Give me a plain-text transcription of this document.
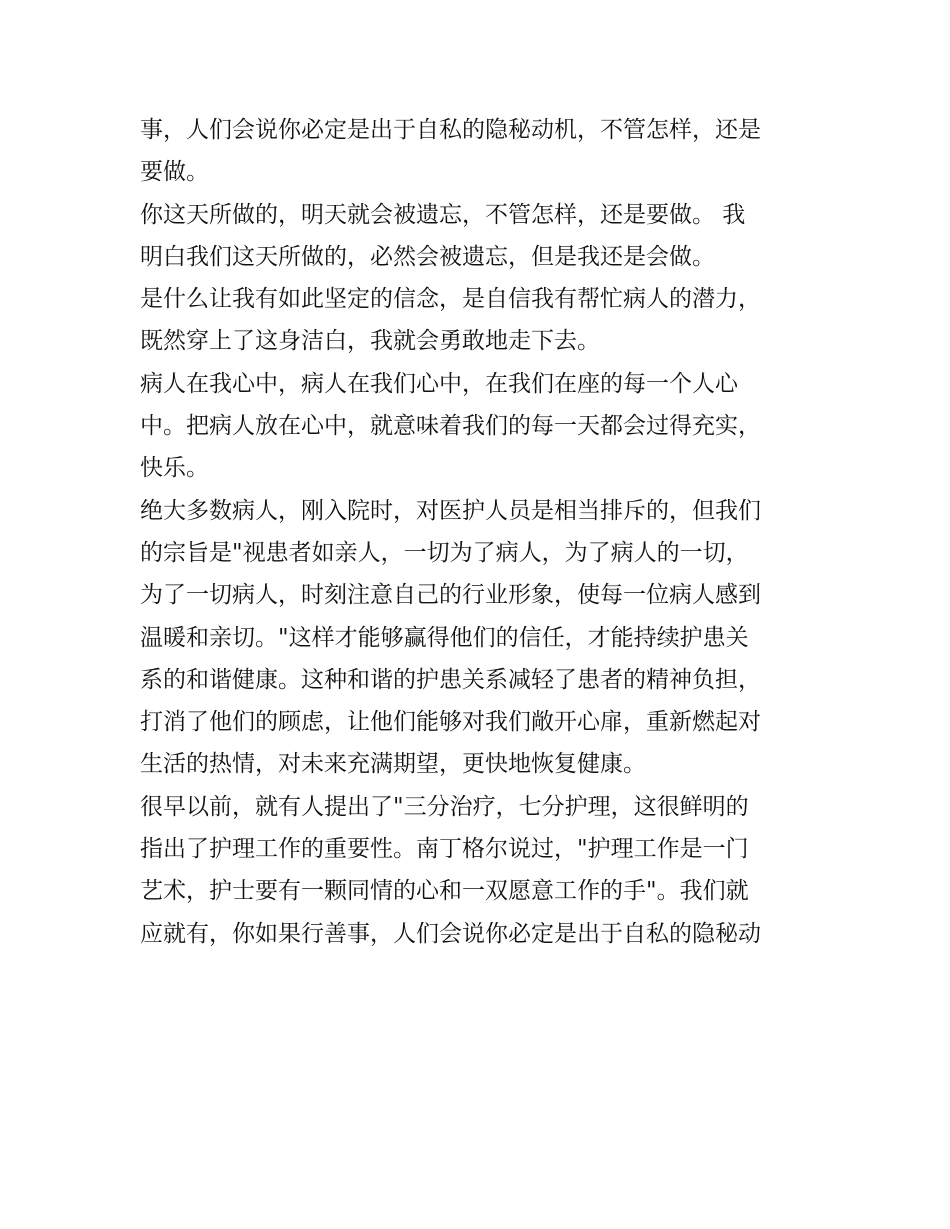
事，人们会说你必定是出于自私的隐秘动机，不管怎样，还是
要做。
你这天所做的，明天就会被遗忘，不管怎样，还是要做。 我
明白我们这天所做的，必然会被遗忘，但是我还是会做。
是什么让我有如此坚定的信念，是自信我有帮忙病人的潜力，
既然穿上了这身洁白，我就会勇敢地走下去。
病人在我心中，病人在我们心中，在我们在座的每一个人心
中。把病人放在心中，就意味着我们的每一天都会过得充实，
快乐。
绝大多数病人，刚入院时，对医护人员是相当排斥的，但我们
的宗旨是"视患者如亲人，一切为了病人，为了病人的一切，
为了一切病人，时刻注意自己的行业形象，使每一位病人感到
温暖和亲切。"这样才能够赢得他们的信任，才能持续护患关
系的和谐健康。这种和谐的护患关系减轻了患者的精神负担，
打消了他们的顾虑，让他们能够对我们敞开心扉，重新燃起对
生活的热情，对未来充满期望，更快地恢复健康。
很早以前，就有人提出了"三分治疗，七分护理，这很鲜明的
指出了护理工作的重要性。南丁格尔说过，"护理工作是一门
艺术，护士要有一颗同情的心和一双愿意工作的手"。我们就
应就有，你如果行善事，人们会说你必定是出于自私的隐秘动
